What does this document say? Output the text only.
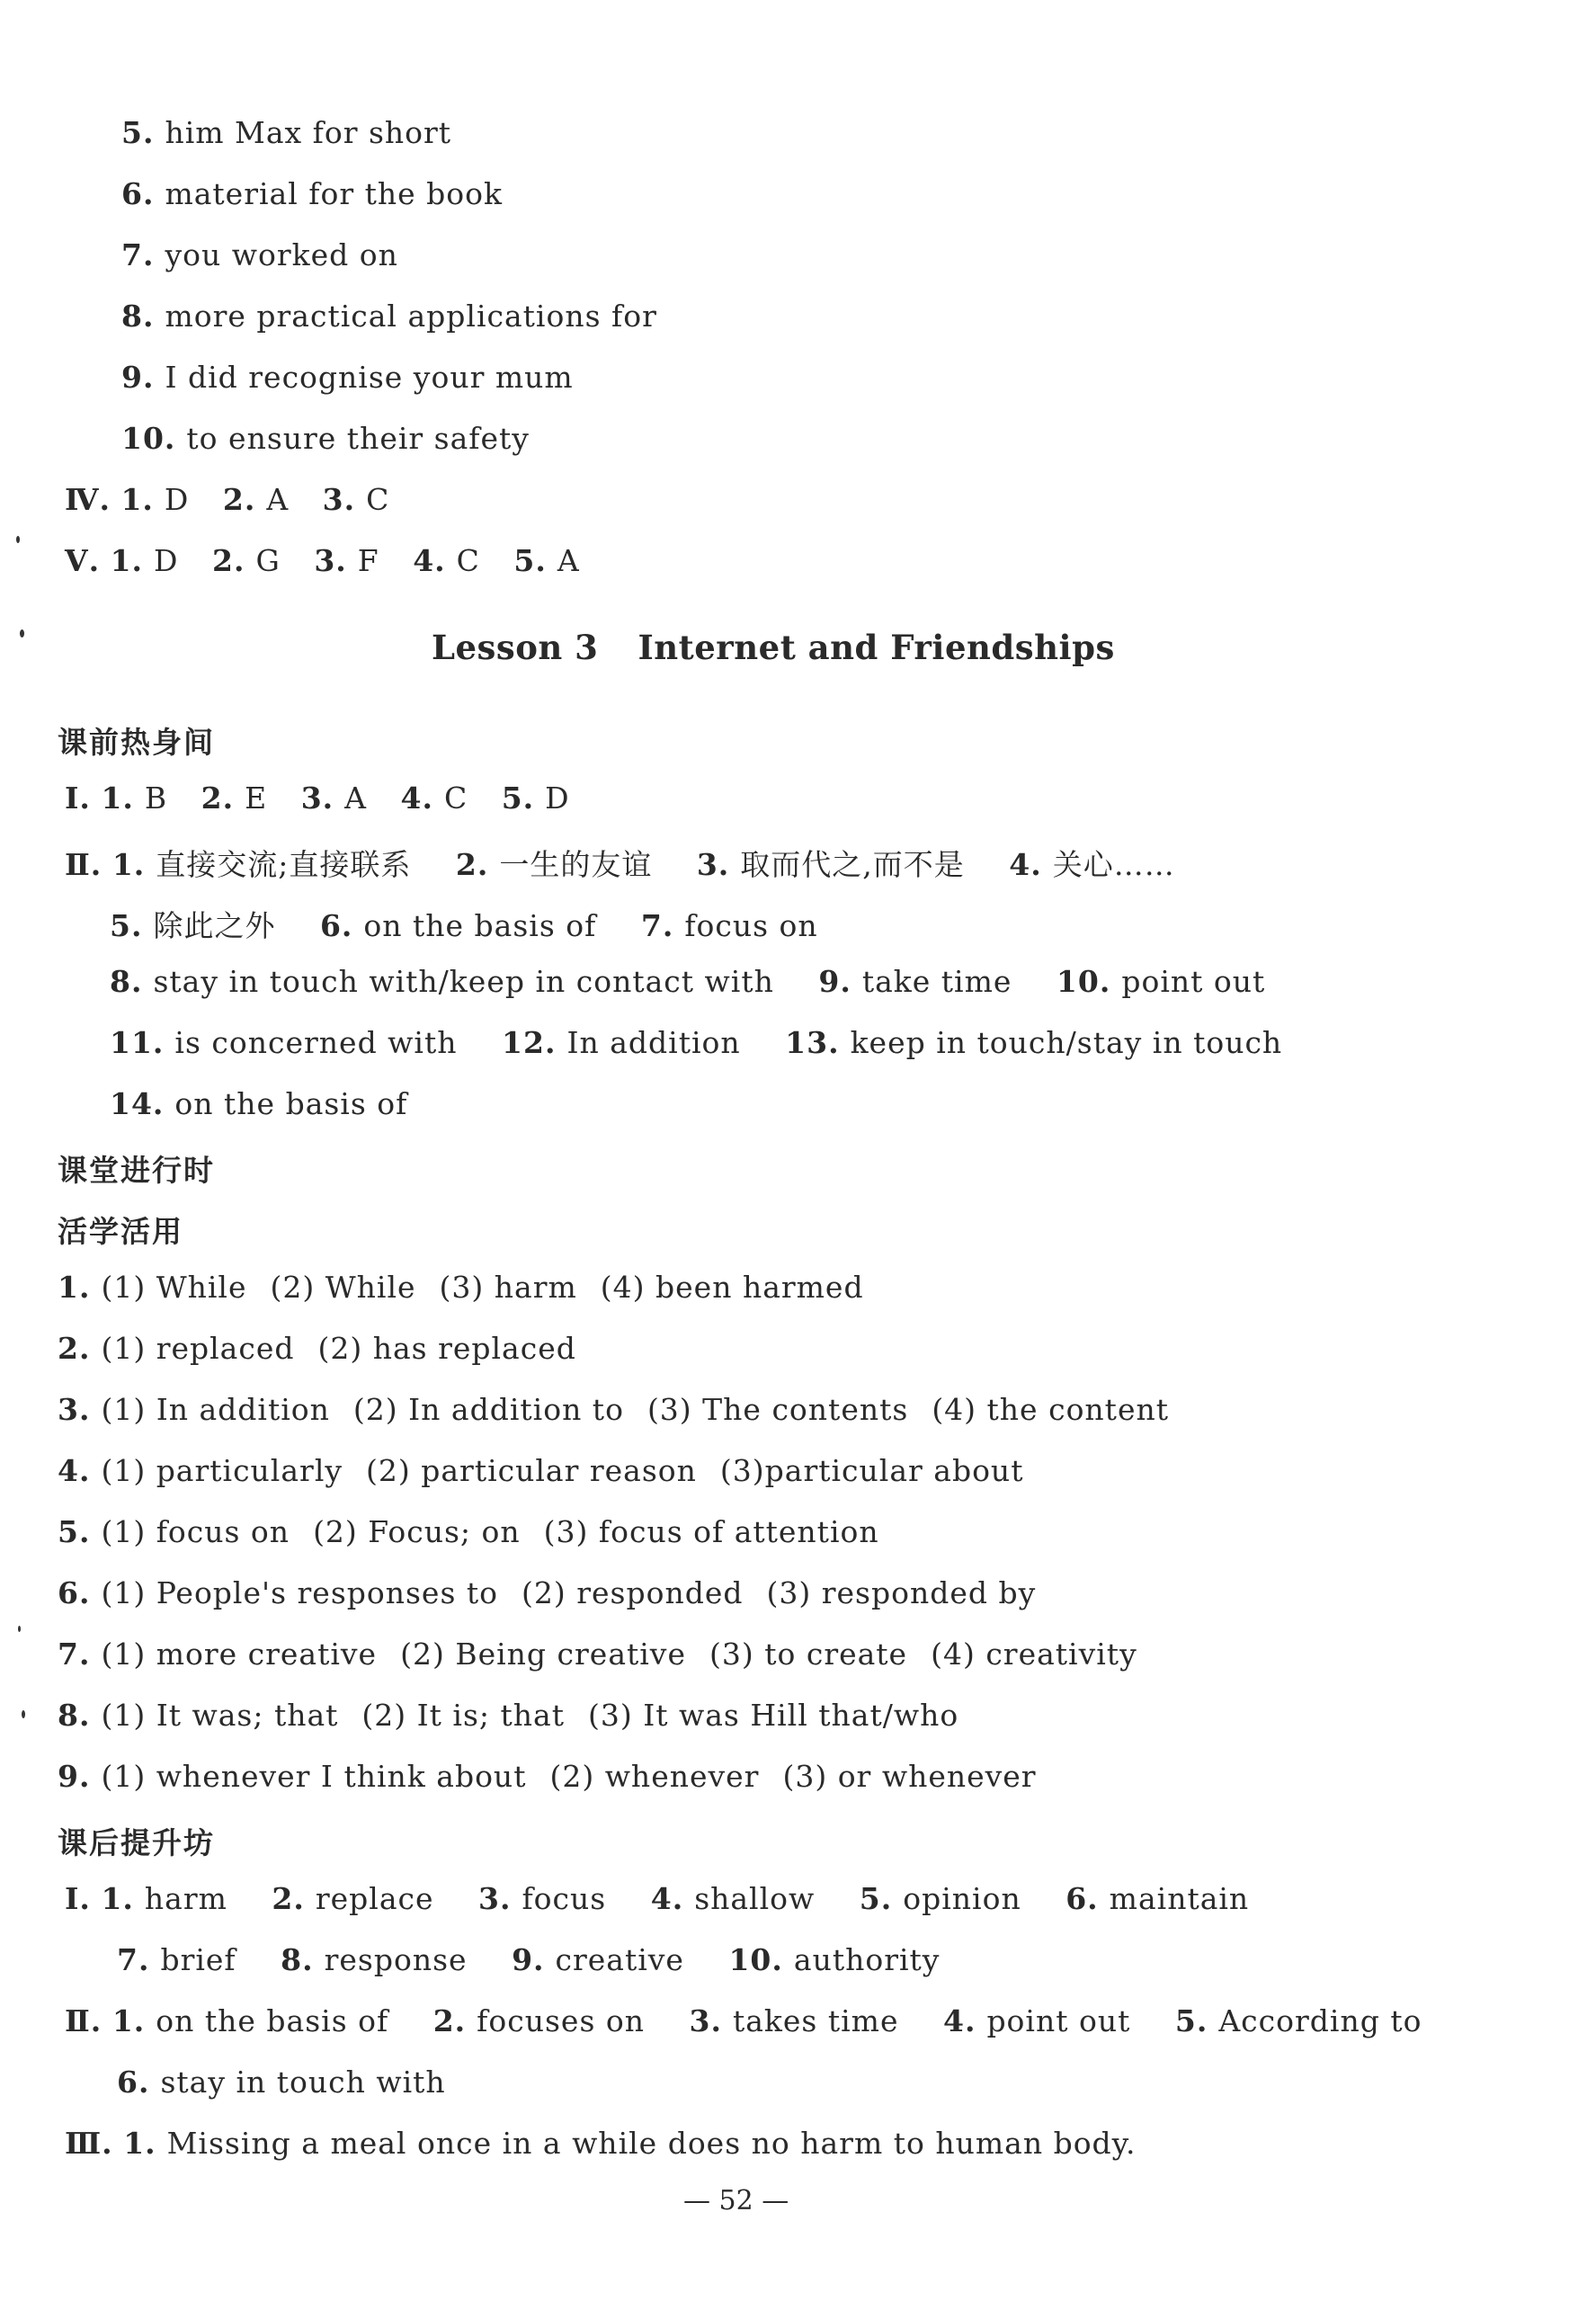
5. him Max for short
6. material for the book
7. you worked on
8. more practical applications for
9. I did recognise your mum
10. to ensure their safety
Ⅳ. 1. D 2. A 3. C
Ⅴ. 1. D 2. G 3. F 4. C 5. A
Lesson 3 Internet and Friendships
课前热身间
Ⅰ. 1. B 2. E 3. A 4. C 5. D
Ⅱ. 1. 直接交流;直接联系 2. 一生的友谊 3. 取而代之,而不是 4. 关心……
5. 除此之外 6. on the basis of 7. focus on
8. stay in touch with/keep in contact with 9. take time 10. point out
11. is concerned with 12. In addition 13. keep in touch/stay in touch
14. on the basis of
课堂进行时
活学活用
1. (1) While (2) While (3) harm (4) been harmed
2. (1) replaced (2) has replaced
3. (1) In addition (2) In addition to (3) The contents (4) the content
4. (1) particularly (2) particular reason (3)particular about
5. (1) focus on (2) Focus; on (3) focus of attention
6. (1) People's responses to (2) responded (3) responded by
7. (1) more creative (2) Being creative (3) to create (4) creativity
8. (1) It was; that (2) It is; that (3) It was Hill that/who
9. (1) whenever I think about (2) whenever (3) or whenever
课后提升坊
Ⅰ. 1. harm 2. replace 3. focus 4. shallow 5. opinion 6. maintain
7. brief 8. response 9. creative 10. authority
Ⅱ. 1. on the basis of 2. focuses on 3. takes time 4. point out 5. According to
6. stay in touch with
Ⅲ. 1. Missing a meal once in a while does no harm to human body.
— 52 —
